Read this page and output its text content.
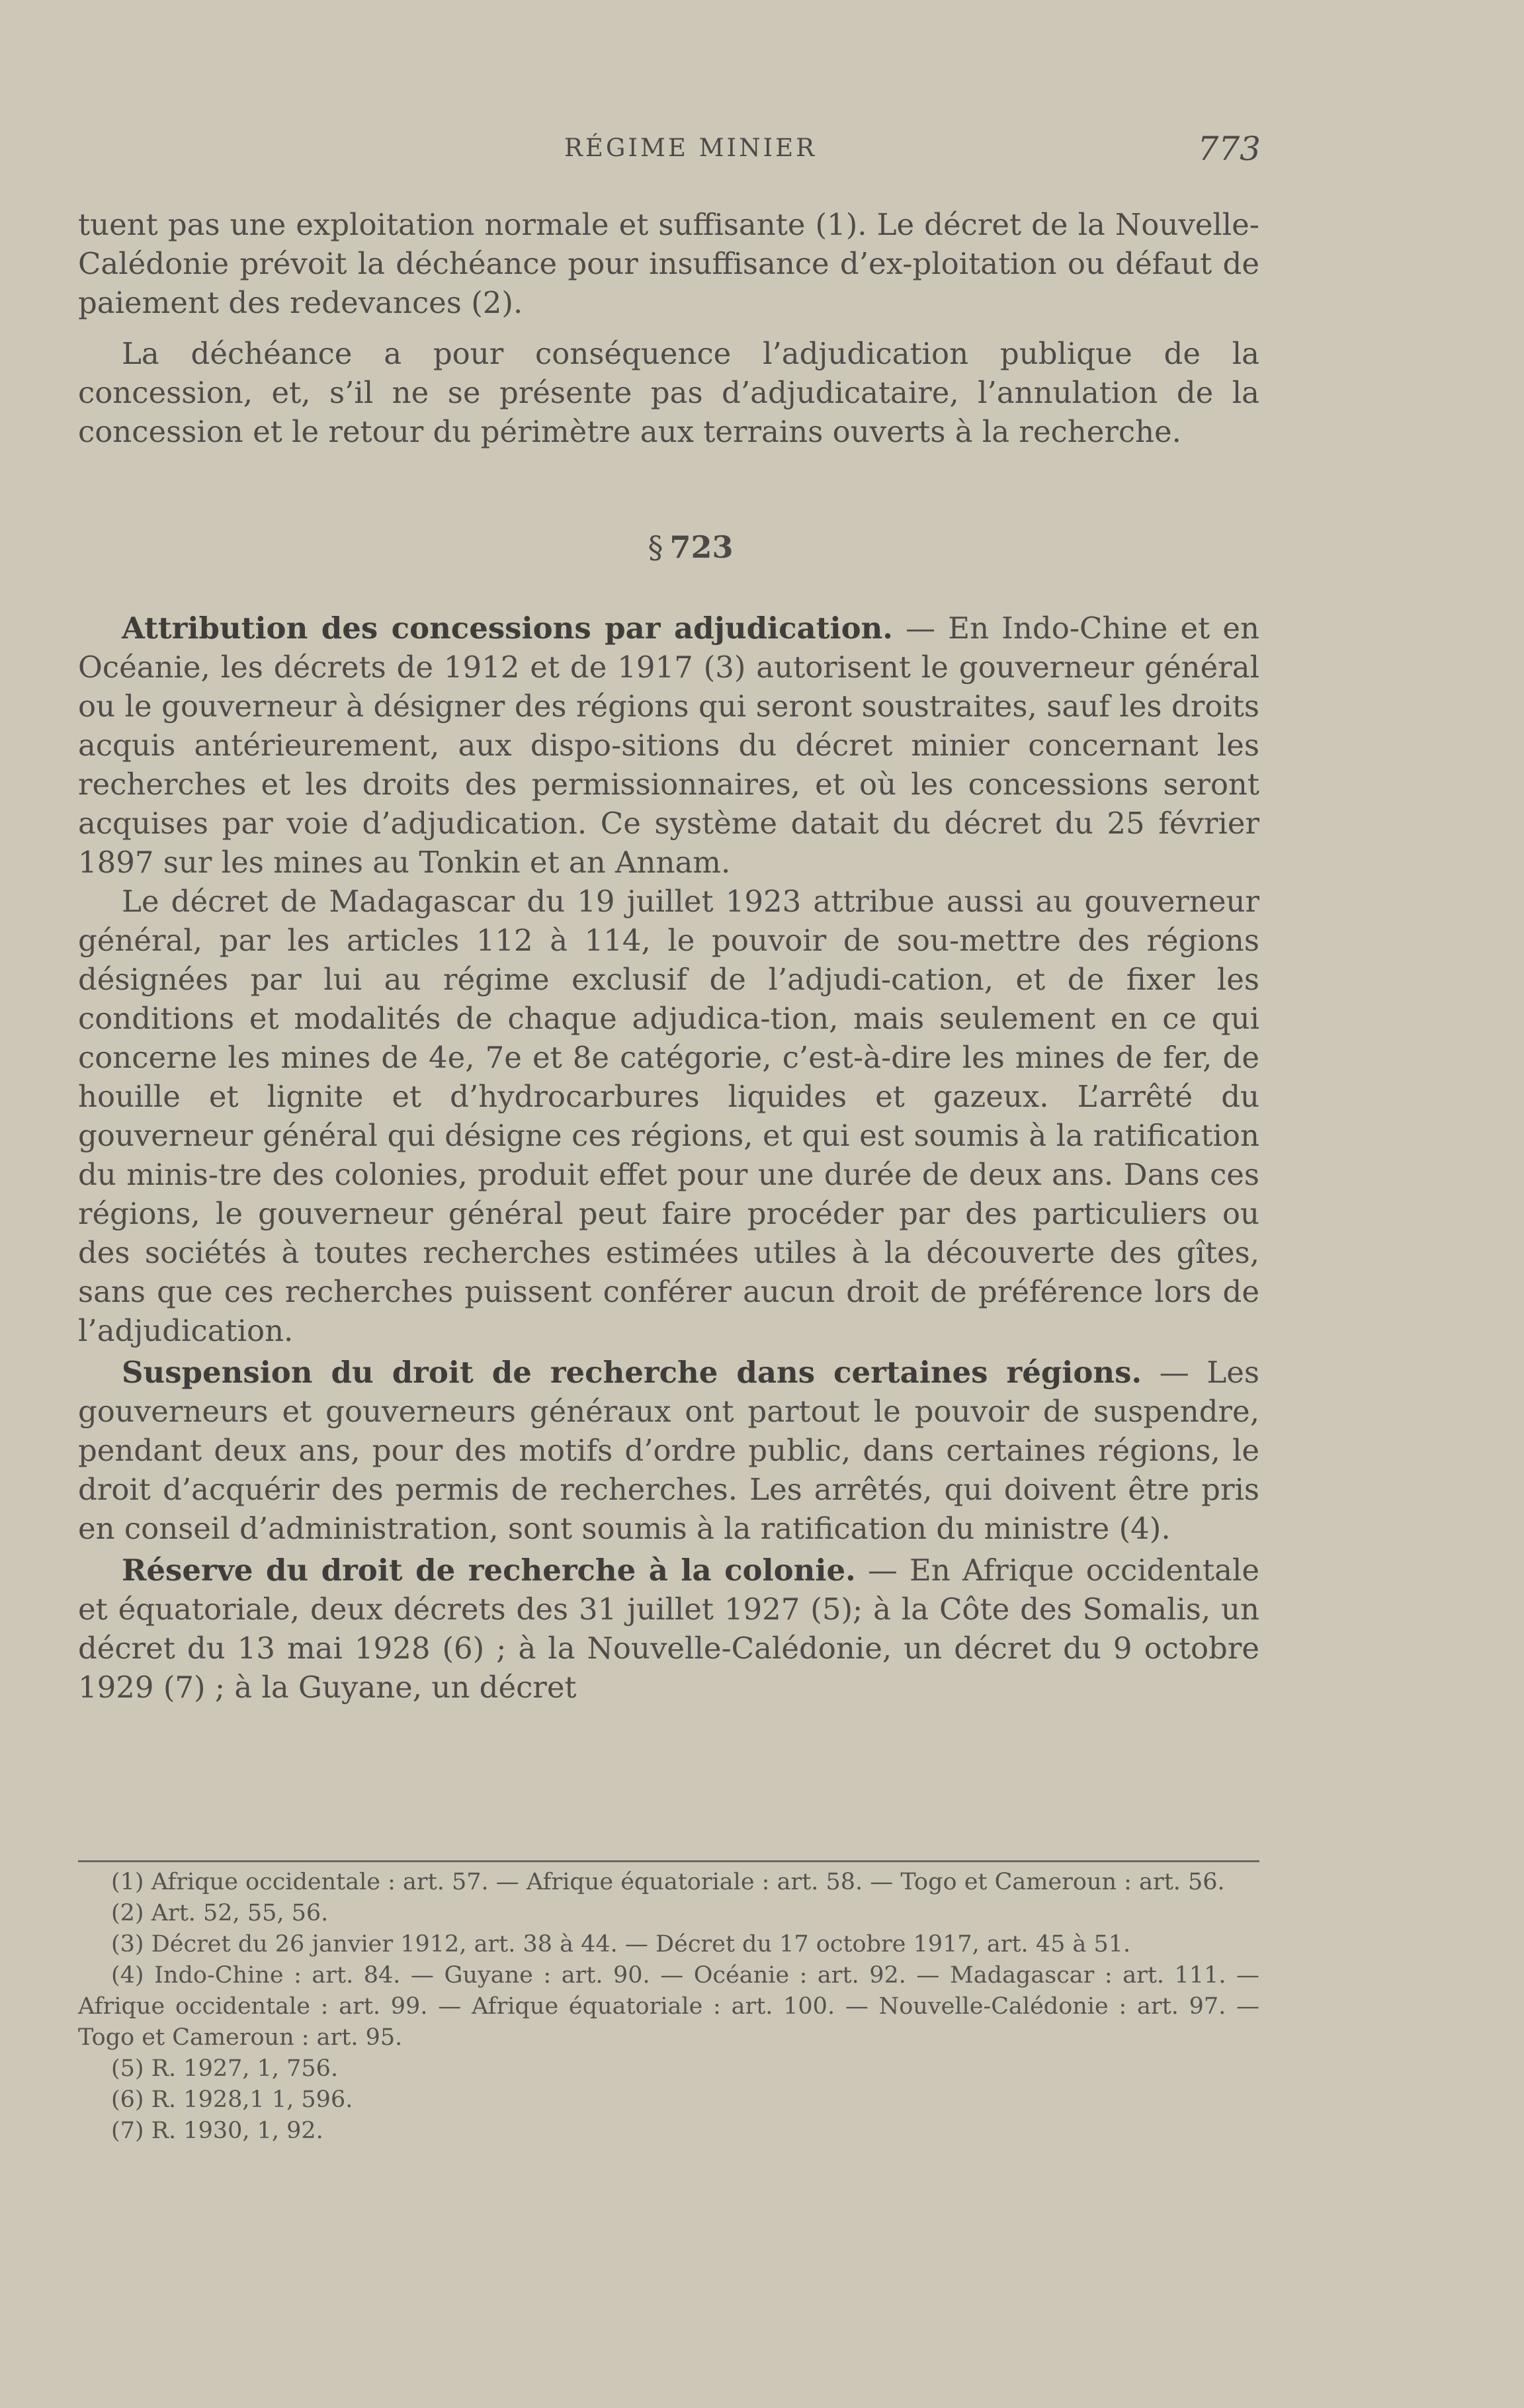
RÉGIME MINIER	773

tuent pas une exploitation normale et suffisante (1). Le décret de la Nouvelle-Calédonie prévoit la déchéance pour insuffisance d’ex-ploitation ou défaut de paiement des redevances (2).

La déchéance a pour conséquence l’adjudication publique de la concession, et, s’il ne se présente pas d’adjudicataire, l’annulation de la concession et le retour du périmètre aux terrains ouverts à la recherche.

§ 723

Attribution des concessions par adjudication. — En Indo-Chine et en Océanie, les décrets de 1912 et de 1917 (3) autorisent le gouverneur général ou le gouverneur à désigner des régions qui seront soustraites, sauf les droits acquis antérieurement, aux dispo-sitions du décret minier concernant les recherches et les droits des permissionnaires, et où les concessions seront acquises par voie d’adjudication. Ce système datait du décret du 25 février 1897 sur les mines au Tonkin et an Annam.

Le décret de Madagascar du 19 juillet 1923 attribue aussi au gouverneur général, par les articles 112 à 114, le pouvoir de sou-mettre des régions désignées par lui au régime exclusif de l’adjudi-cation, et de fixer les conditions et modalités de chaque adjudica-tion, mais seulement en ce qui concerne les mines de 4e, 7e et 8e catégorie, c’est-à-dire les mines de fer, de houille et lignite et d’hydrocarbures liquides et gazeux. L’arrêté du gouverneur général qui désigne ces régions, et qui est soumis à la ratification du minis-tre des colonies, produit effet pour une durée de deux ans. Dans ces régions, le gouverneur général peut faire procéder par des particuliers ou des sociétés à toutes recherches estimées utiles à la découverte des gîtes, sans que ces recherches puissent conférer aucun droit de préférence lors de l’adjudication.

Suspension du droit de recherche dans certaines régions. — Les gouverneurs et gouverneurs généraux ont partout le pouvoir de suspendre, pendant deux ans, pour des motifs d’ordre public, dans certaines régions, le droit d’acquérir des permis de recherches. Les arrêtés, qui doivent être pris en conseil d’administration, sont soumis à la ratification du ministre (4).

Réserve du droit de recherche à la colonie. — En Afrique occidentale et équatoriale, deux décrets des 31 juillet 1927 (5); à la Côte des Somalis, un décret du 13 mai 1928 (6) ; à la Nouvelle-Calédonie, un décret du 9 octobre 1929 (7) ; à la Guyane, un décret

(1) Afrique occidentale : art. 57. — Afrique équatoriale : art. 58. — Togo et Cameroun : art. 56.

(2) Art. 52, 55, 56.

(3) Décret du 26 janvier 1912, art. 38 à 44. — Décret du 17 octobre 1917, art. 45 à 51.

(4) Indo-Chine : art. 84. — Guyane : art. 90. — Océanie : art. 92. — Madagascar : art. 111. — Afrique occidentale : art. 99. — Afrique équatoriale : art. 100. — Nouvelle-Calédonie : art. 97. — Togo et Cameroun : art. 95.

(5) R. 1927, 1, 756.

(6) R. 1928,1 1, 596.

(7) R. 1930, 1, 92.
